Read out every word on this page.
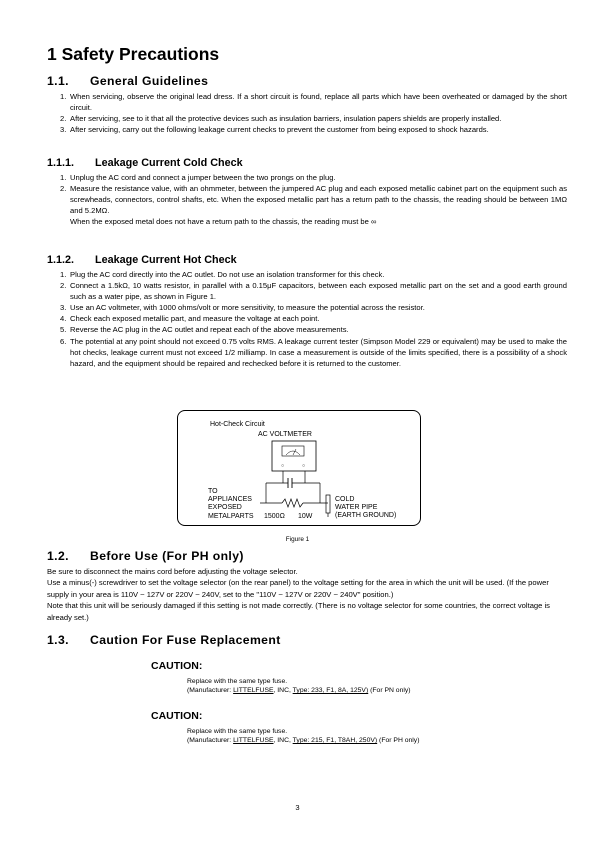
1 Safety Precautions
1.1. General Guidelines
1. When servicing, observe the original lead dress. If a short circuit is found, replace all parts which have been overheated or damaged by the short circuit.
2. After servicing, see to it that all the protective devices such as insulation barriers, insulation papers shields are properly installed.
3. After servicing, carry out the following leakage current checks to prevent the customer from being exposed to shock hazards.
1.1.1. Leakage Current Cold Check
1. Unplug the AC cord and connect a jumper between the two prongs on the plug.
2. Measure the resistance value, with an ohmmeter, between the jumpered AC plug and each exposed metallic cabinet part on the equipment such as screwheads, connectors, control shafts, etc. When the exposed metallic part has a return path to the chassis, the reading should be between 1MΩ and 5.2MΩ.
When the exposed metal does not have a return path to the chassis, the reading must be ∞
1.1.2. Leakage Current Hot Check
1. Plug the AC cord directly into the AC outlet. Do not use an isolation transformer for this check.
2. Connect a 1.5kΩ, 10 watts resistor, in parallel with a 0.15μF capacitors, between each exposed metallic part on the set and a good earth ground such as a water pipe, as shown in Figure 1.
3. Use an AC voltmeter, with 1000 ohms/volt or more sensitivity, to measure the potential across the resistor.
4. Check each exposed metallic part, and measure the voltage at each point.
5. Reverse the AC plug in the AC outlet and repeat each of the above measurements.
6. The potential at any point should not exceed 0.75 volts RMS. A leakage current tester (Simpson Model 229 or equivalent) may be used to make the hot checks, leakage current must not exceed 1/2 milliamp. In case a measurement is outside of the limits specified, there is a possibility of a shock hazard, and the equipment should be repaired and rechecked before it is returned to the customer.
Hot-Check Circuit
AC VOLTMETER
○	○
TO
APPLIANCES
EXPOSED
METALPARTS 1500Ω 10W
COLD
WATER PIPE
(EARTH GROUND)
Figure 1
1.2. Before Use (For PH only)
Be sure to disconnect the mains cord before adjusting the voltage selector.
Use a minus(-) screwdriver to set the voltage selector (on the rear panel) to the voltage setting for the area in which the unit will be used. (If the power supply in your area is 110V ~ 127V or 220V ~ 240V, set to the "110V ~ 127V or 220V ~ 240V" position.)
Note that this unit will be seriously damaged if this setting is not made correctly. (There is no voltage selector for some countries, the correct voltage is already set.)
1.3. Caution For Fuse Replacement
CAUTION:
Replace with the same type fuse.
(Manufacturer: LITTELFUSE, INC, Type: 233, F1, 8A, 125V) (For PN only)
CAUTION:
Replace with the same type fuse.
(Manufacturer: LITTELFUSE, INC, Type: 215, F1, T8AH, 250V) (For PH only)
3
